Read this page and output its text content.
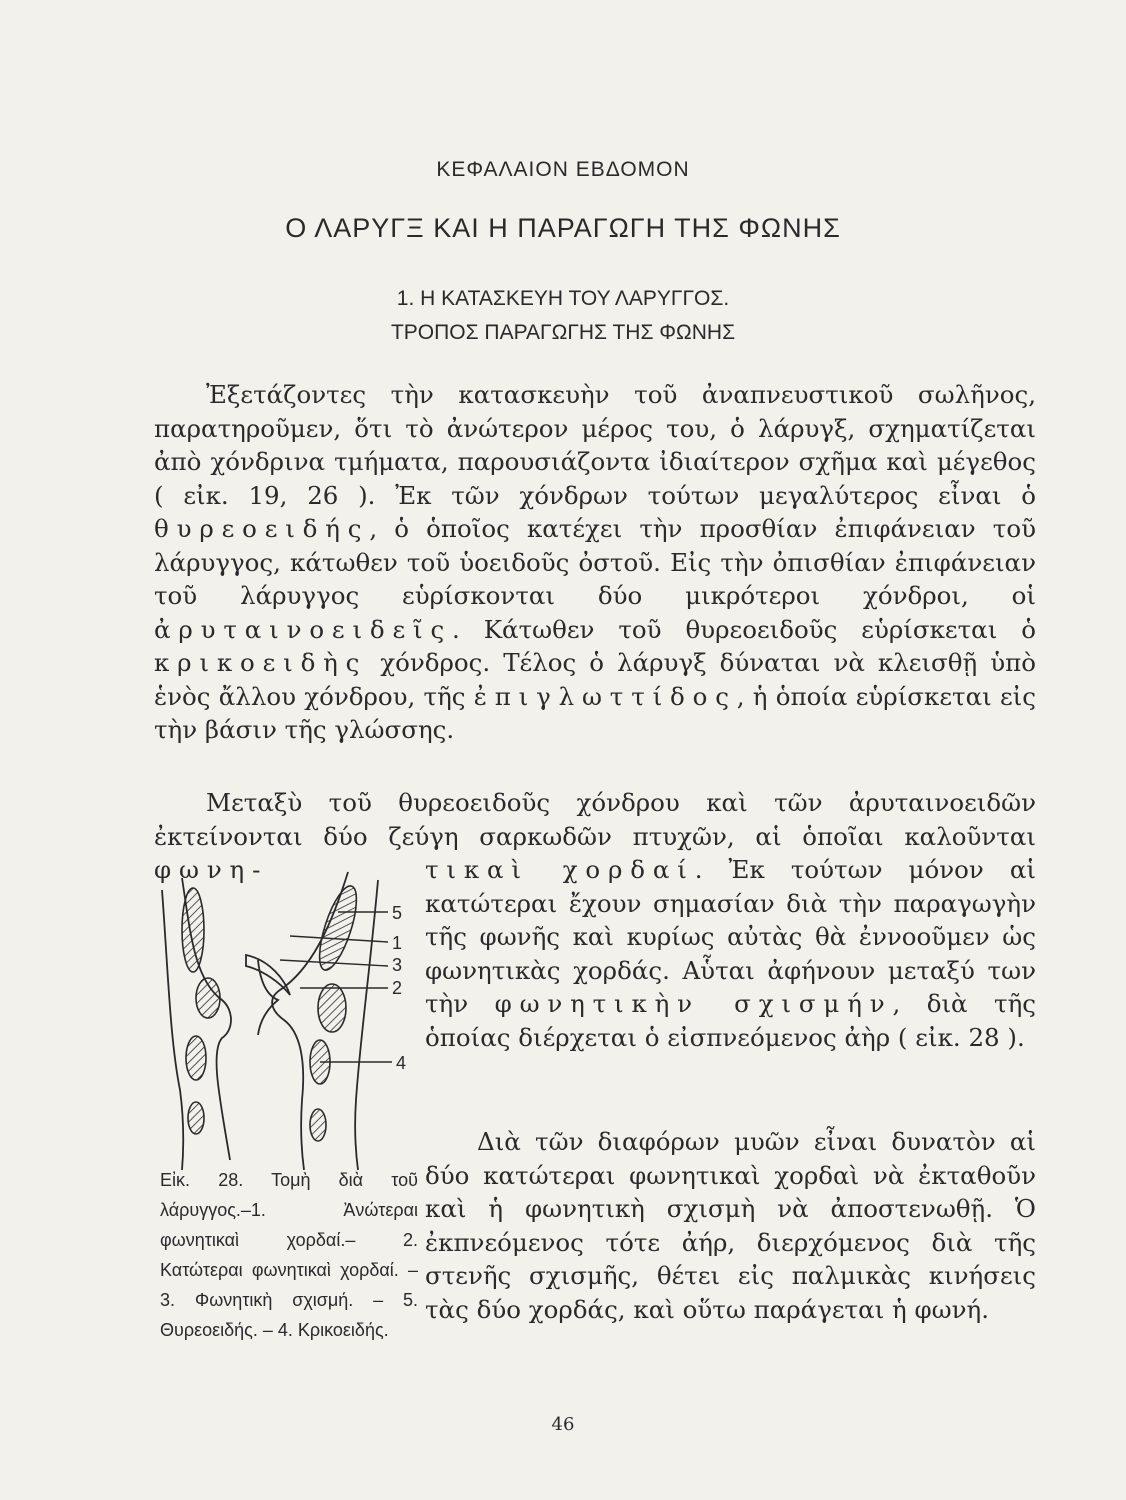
ΚΕΦΑΛΑΙΟΝ ΕΒΔΟΜΟΝ
Ο ΛΑΡΥΓΞ ΚΑΙ Η ΠΑΡΑΓΩΓΗ ΤΗΣ ΦΩΝΗΣ
1. Η ΚΑΤΑΣΚΕΥΗ ΤΟΥ ΛΑΡΥΓΓΟΣ.
ΤΡΟΠΟΣ ΠΑΡΑΓΩΓΗΣ ΤΗΣ ΦΩΝΗΣ

Ἐξετάζοντες τὴν κατασκευὴν τοῦ ἀναπνευστικοῦ σωλῆνος, παρατηροῦμεν, ὅτι τὸ ἀνώτερον μέρος του, ὁ λάρυγξ, σχηματίζεται ἀπὸ χόνδρινα τμήματα, παρουσιάζοντα ἰδιαίτερον σχῆμα καὶ μέγεθος ( εἰκ. 19, 26 ). Ἐκ τῶν χόνδρων τούτων μεγαλύτερος εἶναι ὁ θυρεοειδής, ὁ ὁποῖος κατέχει τὴν προσθίαν ἐπιφάνειαν τοῦ λάρυγγος, κάτωθεν τοῦ ὑοειδοῦς ὀστοῦ. Εἰς τὴν ὀπισθίαν ἐπιφάνειαν τοῦ λάρυγγος εὑρίσκονται δύο μικρότεροι χόνδροι, οἱ ἀρυταινοειδεῖς. Κάτωθεν τοῦ θυρεοειδοῦς εὑρίσκεται ὁ κρικοειδὴς χόνδρος. Τέλος ὁ λάρυγξ δύναται νὰ κλεισθῇ ὑπὸ ἑνὸς ἄλλου χόνδρου, τῆς ἐπιγλωττίδος, ἡ ὁποία εὑρίσκεται εἰς τὴν βάσιν τῆς γλώσσης.

Μεταξὺ τοῦ θυρεοειδοῦς χόνδρου καὶ τῶν ἀρυταινοειδῶν ἐκτείνονται δύο ζεύγη σαρκωδῶν πτυχῶν, αἱ ὁποῖαι καλοῦνται φωνη-	τικαὶ χορδαί. Ἐκ τούτων μόνον αἱ κατώτεραι ἔχουν σημασίαν διὰ τὴν παραγωγὴν τῆς φωνῆς καὶ κυρίως αὐτὰς θὰ ἐννοοῦμεν ὡς φωνητικὰς χορδάς. Αὗται ἀφήνουν μεταξύ των τὴν φωνητικὴν σχισμήν, διὰ τῆς ὁποίας διέρχεται ὁ εἰσπνεόμενος ἀὴρ ( εἰκ. 28 ).

Διὰ τῶν διαφόρων μυῶν εἶναι δυνατὸν αἱ δύο κατώτεραι φωνητικαὶ χορδαὶ νὰ ἐκταθοῦν καὶ ἡ φωνητικὴ σχισμὴ νὰ ἀποστενωθῇ. Ὁ ἐκπνεόμενος τότε ἀήρ, διερχόμενος διὰ τῆς στενῆς σχισμῆς, θέτει εἰς παλμικὰς κινήσεις τὰς δύο χορδάς, καὶ οὕτω παράγεται ἡ φωνή.
5
1
3
2
4
Εἰκ. 28. Τομὴ διὰ τοῦ λάρυγγος.–1. Ἀνώτεραι φωνητικαὶ χορδαί.– 2. Κατώτεραι φωνητικαὶ χορδαί. – 3. Φωνητικὴ σχισμή. – 5. Θυρεοειδής. – 4. Κρικοειδής.
46
